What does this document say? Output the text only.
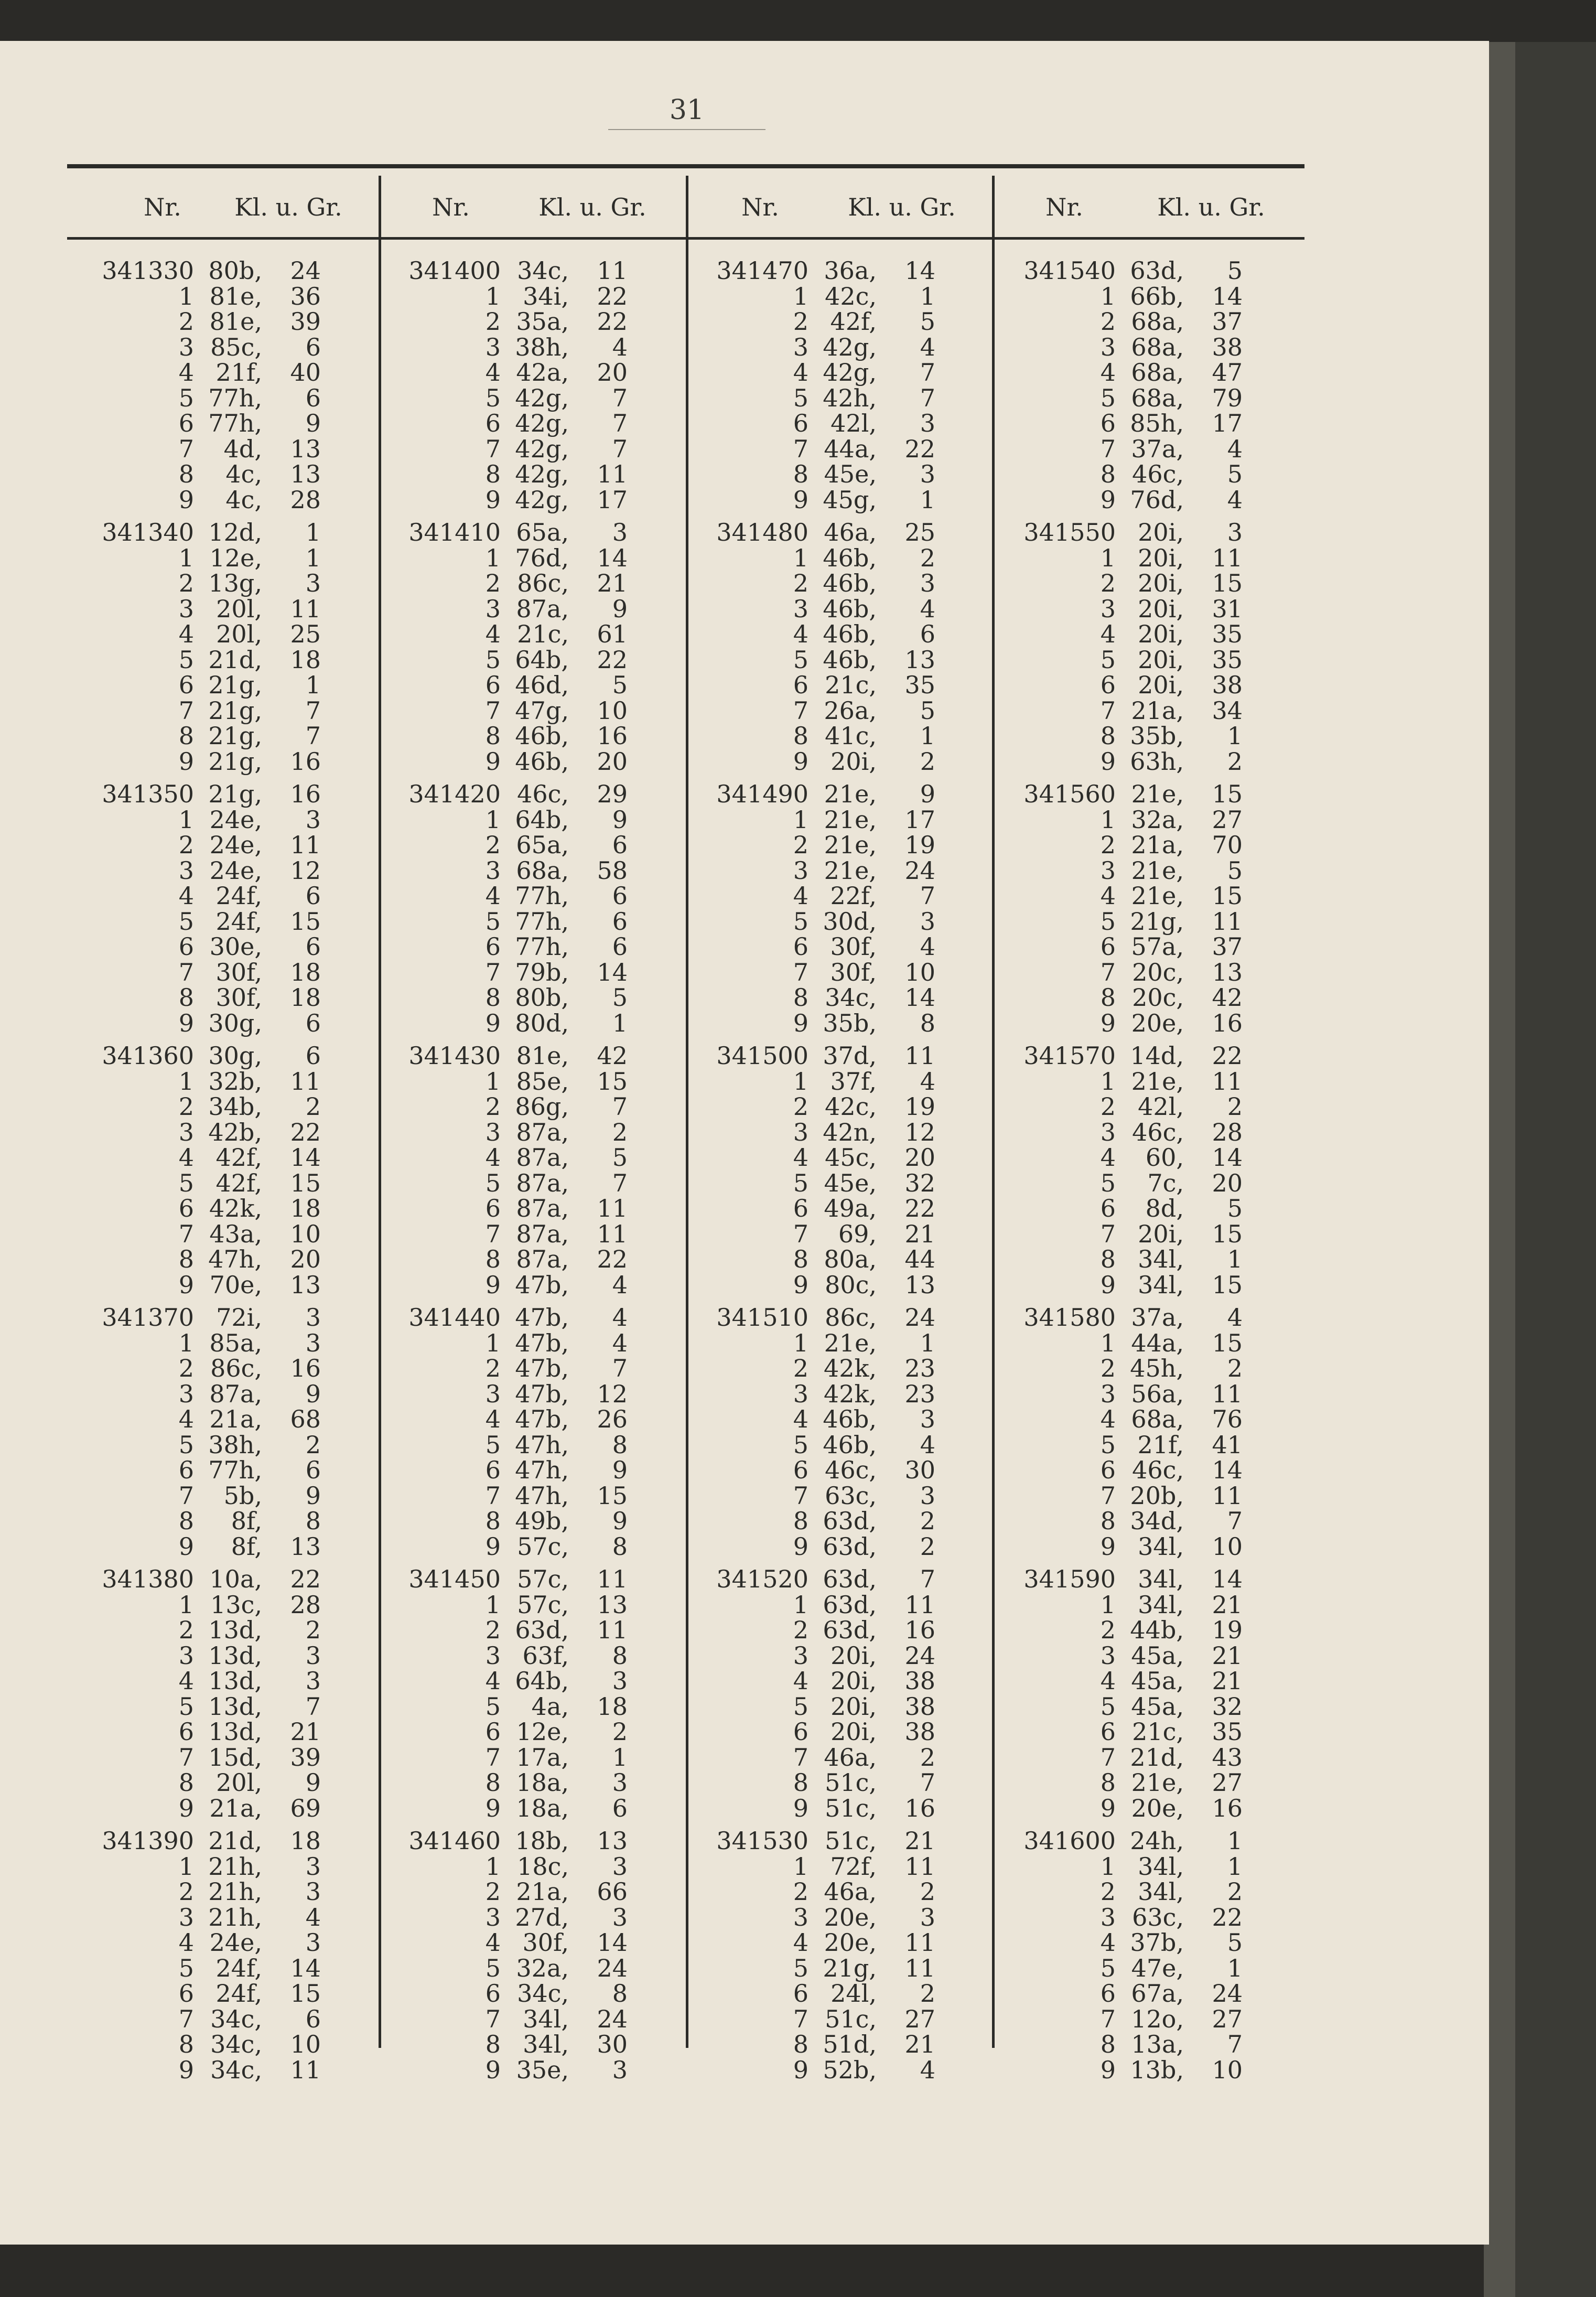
31
Nr.	Kl. u. Gr.	Nr.	Kl. u. Gr.	Nr.	Kl. u. Gr.	Nr.	Kl. u. Gr.
341330 80b,	24
1 81e,	36
2 81e,	39
3 85c,	6
4 21f,	40
5 77h,	6
6 77h,	9
7	4d,	13
8	4c,	13
9	4c,	28
341340 12d,	1
1 12e,	1
2 13g,	3
3 20l,	11
4 20l,	25
5 21d,	18
6 21g,	1
7 21g,	7
8 21g,	7
9 21g,	16
341350 21g,	16
1 24e,	3
2 24e,	11
3 24e,	12
4 24f,	6
5 24f,	15
6 30e,	6
7 30f,	18
8 30f,	18
9 30g,	6
341360 30g,	6
1 32b,	11
2 34b,	2
3 42b,	22
4 42f,	14
5 42f,	15
6 42k,	18
7 43a,	10
8 47h,	20
9 70e,	13
341370 72i,	3
1 85a,	3
2 86c,	16
3 87a,	9
4 21a,	68
5 38h,	2
6 77h,	6
7	5b,	9
8	8f,	8
9	8f,	13
341380 10a,	22
1 13c,	28
2 13d,	2
3 13d,	3
4 13d,	3
5 13d,	7
6 13d,	21
7 15d,	39
8 20l,	9
9 21a,	69
341390 21d,	18
1 21h,	3
2 21h,	3
3 21h,	4
4 24e,	3
5 24f,	14
6 24f,	15
7 34c,	6
8 34c,	10
9 34c,	11
341400 34c,	11
1 34i,	22
2 35a,	22
3 38h,	4
4 42a,	20
5 42g,	7
6 42g,	7
7 42g,	7
8 42g,	11
9 42g,	17
341410 65a,	3
1 76d,	14
2 86c,	21
3 87a,	9
4 21c,	61
5 64b,	22
6 46d,	5
7 47g,	10
8 46b,	16
9 46b,	20
341420 46c,	29
1 64b,	9
2 65a,	6
3 68a,	58
4 77h,	6
5 77h,	6
6 77h,	6
7 79b,	14
8 80b,	5
9 80d,	1
341430 81e,	42
1 85e,	15
2 86g,	7
3 87a,	2
4 87a,	5
5 87a,	7
6 87a,	11
7 87a,	11
8 87a,	22
9 47b,	4
341440 47b,	4
1 47b,	4
2 47b,	7
3 47b,	12
4 47b,	26
5 47h,	8
6 47h,	9
7 47h,	15
8 49b,	9
9 57c,	8
341450 57c,	11
1 57c,	13
2 63d,	11
3 63f,	8
4 64b,	3
5	4a,	18
6 12e,	2
7 17a,	1
8 18a,	3
9 18a,	6
341460 18b,	13
1 18c,	3
2 21a,	66
3 27d,	3
4 30f,	14
5 32a,	24
6 34c,	8
7 34l,	24
8 34l,	30
9 35e,	3
341470 36a,	14
1 42c,	1
2 42f,	5
3 42g,	4
4 42g,	7
5 42h,	7
6 42l,	3
7 44a,	22
8 45e,	3
9 45g,	1
341480 46a,	25
1 46b,	2
2 46b,	3
3 46b,	4
4 46b,	6
5 46b,	13
6 21c,	35
7 26a,	5
8 41c,	1
9 20i,	2
341490 21e,	9
1 21e,	17
2 21e,	19
3 21e,	24
4 22f,	7
5 30d,	3
6 30f,	4
7 30f,	10
8 34c,	14
9 35b,	8
341500 37d,	11
1 37f,	4
2 42c,	19
3 42n,	12
4 45c,	20
5 45e,	32
6 49a,	22
7	69,	21
8 80a,	44
9 80c,	13
341510 86c,	24
1 21e,	1
2 42k,	23
3 42k,	23
4 46b,	3
5 46b,	4
6 46c,	30
7 63c,	3
8 63d,	2
9 63d,	2
341520 63d,	7
1 63d,	11
2 63d,	16
3 20i,	24
4 20i,	38
5 20i,	38
6 20i,	38
7 46a,	2
8 51c,	7
9 51c,	16
341530 51c,	21
1 72f,	11
2 46a,	2
3 20e,	3
4 20e,	11
5 21g,	11
6 24l,	2
7 51c,	27
8 51d,	21
9 52b,	4
341540 63d,	5
1 66b,	14
2 68a,	37
3 68a,	38
4 68a,	47
5 68a,	79
6 85h,	17
7 37a,	4
8 46c,	5
9 76d,	4
341550 20i,	3
1 20i,	11
2 20i,	15
3 20i,	31
4 20i,	35
5 20i,	35
6 20i,	38
7 21a,	34
8 35b,	1
9 63h,	2
341560 21e,	15
1 32a,	27
2 21a,	70
3 21e,	5
4 21e,	15
5 21g,	11
6 57a,	37
7 20c,	13
8 20c,	42
9 20e,	16
341570 14d,	22
1 21e,	11
2 42l,	2
3 46c,	28
4	60,	14
5	7c,	20
6	8d,	5
7 20i,	15
8 34l,	1
9 34l,	15
341580 37a,	4
1 44a,	15
2 45h,	2
3 56a,	11
4 68a,	76
5 21f,	41
6 46c,	14
7 20b,	11
8 34d,	7
9 34l,	10
341590 34l,	14
1 34l,	21
2 44b,	19
3 45a,	21
4 45a,	21
5 45a,	32
6 21c,	35
7 21d,	43
8 21e,	27
9 20e,	16
341600 24h,	1
1 34l,	1
2 34l,	2
3 63c,	22
4 37b,	5
5 47e,	1
6 67a,	24
7 12o,	27
8 13a,	7
9 13b,	10
